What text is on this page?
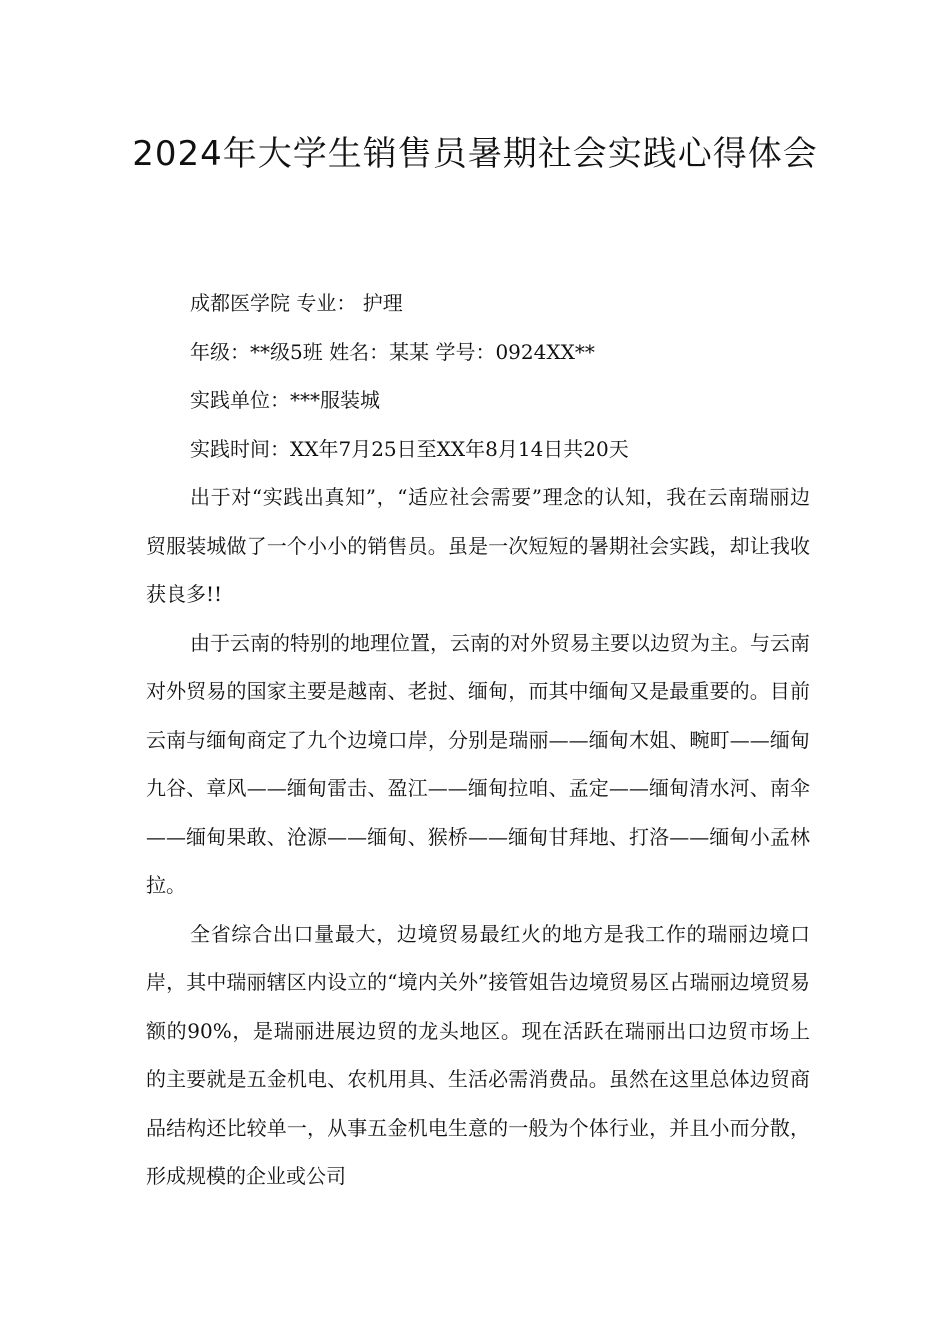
2024年大学生销售员暑期社会实践心得体会

成都医学院 专业： 护理

年级：**级5班 姓名：某某 学号：0924XX**

实践单位：***服装城

实践时间：XX年7月25日至XX年8月14日共20天

出于对“实践出真知”，“适应社会需要”理念的认知，我在云南瑞丽边贸服装城做了一个小小的销售员。虽是一次短短的暑期社会实践，却让我收获良多!!

由于云南的特别的地理位置，云南的对外贸易主要以边贸为主。与云南对外贸易的国家主要是越南、老挝、缅甸，而其中缅甸又是最重要的。目前云南与缅甸商定了九个边境口岸，分别是瑞丽——缅甸木姐、畹町——缅甸九谷、章风——缅甸雷击、盈江——缅甸拉咱、孟定——缅甸清水河、南伞——缅甸果敢、沧源——缅甸、猴桥——缅甸甘拜地、打洛——缅甸小孟林拉。

全省综合出口量最大，边境贸易最红火的地方是我工作的瑞丽边境口岸，其中瑞丽辖区内设立的“境内关外”接管姐告边境贸易区占瑞丽边境贸易额的90%，是瑞丽进展边贸的龙头地区。现在活跃在瑞丽出口边贸市场上的主要就是五金机电、农机用具、生活必需消费品。虽然在这里总体边贸商品结构还比较单一，从事五金机电生意的一般为个体行业，并且小而分散，形成规模的企业或公司
